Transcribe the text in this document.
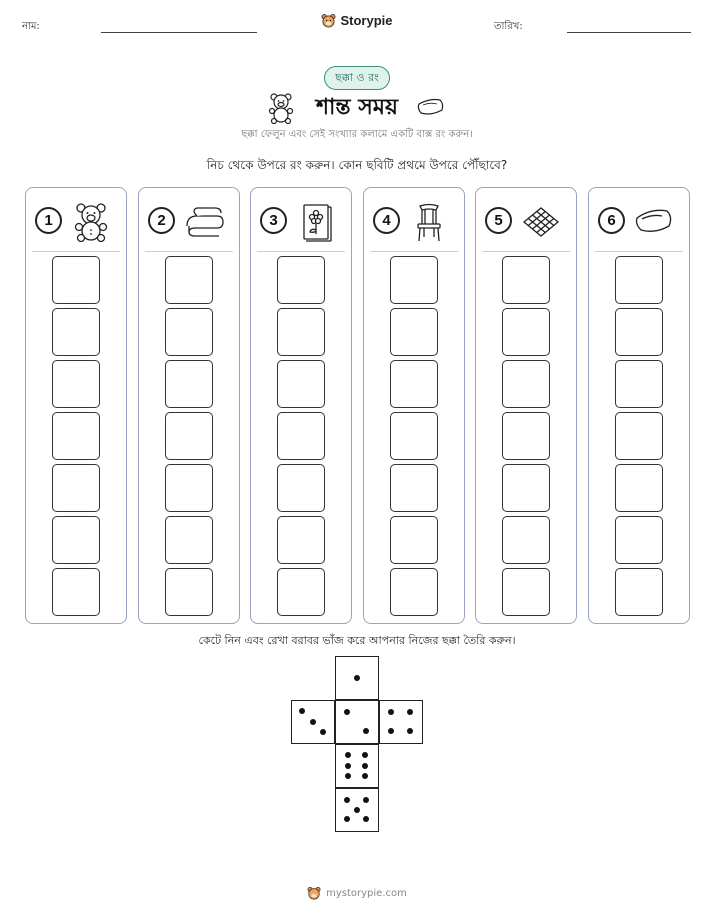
নাম:	Storypie	তারিখ:
ছক্কা ও রং
শান্ত সময়
ছক্কা ফেলুন এবং সেই সংখ্যার কলামে একটি বাক্স রং করুন।
নিচ থেকে উপরে রং করুন। কোন ছবিটি প্রথমে উপরে পৌঁছাবে?
1	2	3	4	5	6
কেটে নিন এবং রেখা বরাবর ভাঁজ করে আপনার নিজের ছক্কা তৈরি করুন।
mystorypie.com
